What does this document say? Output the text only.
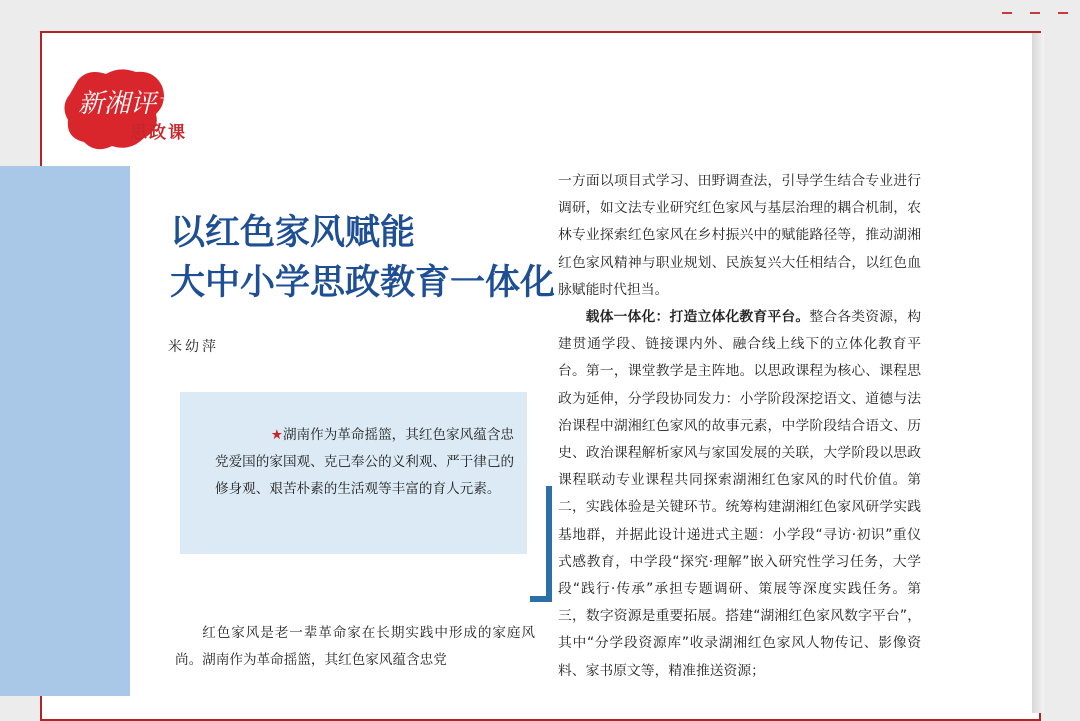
新湘评论
思政课
以红色家风赋能
大中小学思政教育一体化
米幼萍
★湖南作为革命摇篮，其红色家风蕴含忠党爱国的家国观、克己奉公的义利观、严于律己的修身观、艰苦朴素的生活观等丰富的育人元素。
红色家风是老一辈革命家在长期实践中形成的家庭风尚。湖南作为革命摇篮，其红色家风蕴含忠党

一方面以项目式学习、田野调查法，引导学生结合专业进行调研，如文法专业研究红色家风与基层治理的耦合机制，农林专业探索红色家风在乡村振兴中的赋能路径等，推动湖湘红色家风精神与职业规划、民族复兴大任相结合，以红色血脉赋能时代担当。

载体一体化：打造立体化教育平台。整合各类资源，构建贯通学段、链接课内外、融合线上线下的立体化教育平台。第一，课堂教学是主阵地。以思政课程为核心、课程思政为延伸，分学段协同发力：小学阶段深挖语文、道德与法治课程中湖湘红色家风的故事元素，中学阶段结合语文、历史、政治课程解析家风与家国发展的关联，大学阶段以思政课程联动专业课程共同探索湖湘红色家风的时代价值。第二，实践体验是关键环节。统筹构建湖湘红色家风研学实践基地群，并据此设计递进式主题：小学段“寻访·初识”重仪式感教育，中学段“探究·理解”嵌入研究性学习任务，大学段“践行·传承”承担专题调研、策展等深度实践任务。第三，数字资源是重要拓展。搭建“湖湘红色家风数字平台”，其中“分学段资源库”收录湖湘红色家风人物传记、影像资料、家书原文等，精准推送资源；
